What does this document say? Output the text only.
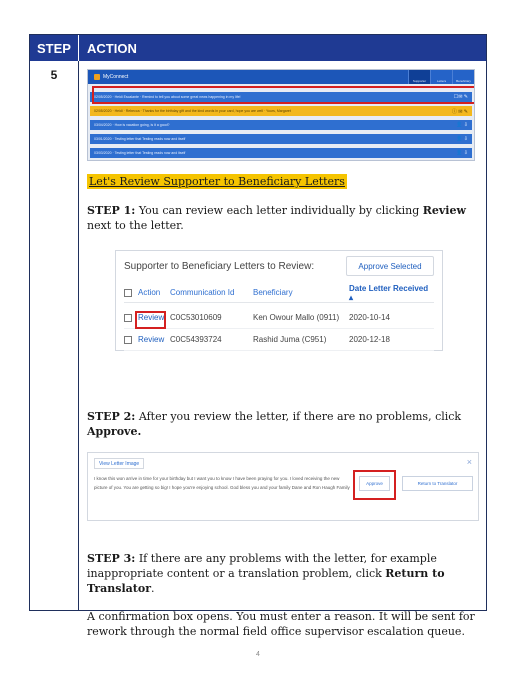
STEP	ACTION
5	MyConnect
Supporter	Letters	Beneficiary
02/05/2020 · Heidi Escalante · Remind to tell you about some great news happening in my life!	☐✉ ✎
02/05/2020 · Heidi · Rebecca · Thanks for the birthday gift and the kind words in your card, hope you are well · Yours, Margaret	ⓘ ✉ ✎
03/04/2020 · How is vacation going, is it a good?	👤 ⇩
03/01/2020 · Testing letter that Testing reads now and itself	👤 ⇩
03/03/2020 · Testing letter that Testing reads now and itself	👤 ⇩
Let's Review Supporter to Beneficiary Letters
STEP 1: You can review each letter individually by clicking Review next to the letter.
Supporter to Beneficiary Letters to Review:	Approve Selected
Action Communication Id	Beneficiary	Date Letter Received ▴
Review C0C53010609	Ken Owour Mallo (0911)	2020-10-14
Review C0C54393724	Rashid Juma (C951)	2020-12-18
STEP 2: After you review the letter, if there are no problems, click Approve.
View Letter Image	×
I know this won arrive in time for your birthday but I want you to know I have been praying for you. I loved receiving the new picture of you. You are getting so big! I hope you're enjoying school. God bless you and your family Dane and Ron Haugh Family
Approve	Return to Translator
STEP 3: If there are any problems with the letter, for example inappropriate content or a translation problem, click Return to Translator.
A confirmation box opens. You must enter a reason. It will be sent for rework through the normal field office supervisor escalation queue.
4
